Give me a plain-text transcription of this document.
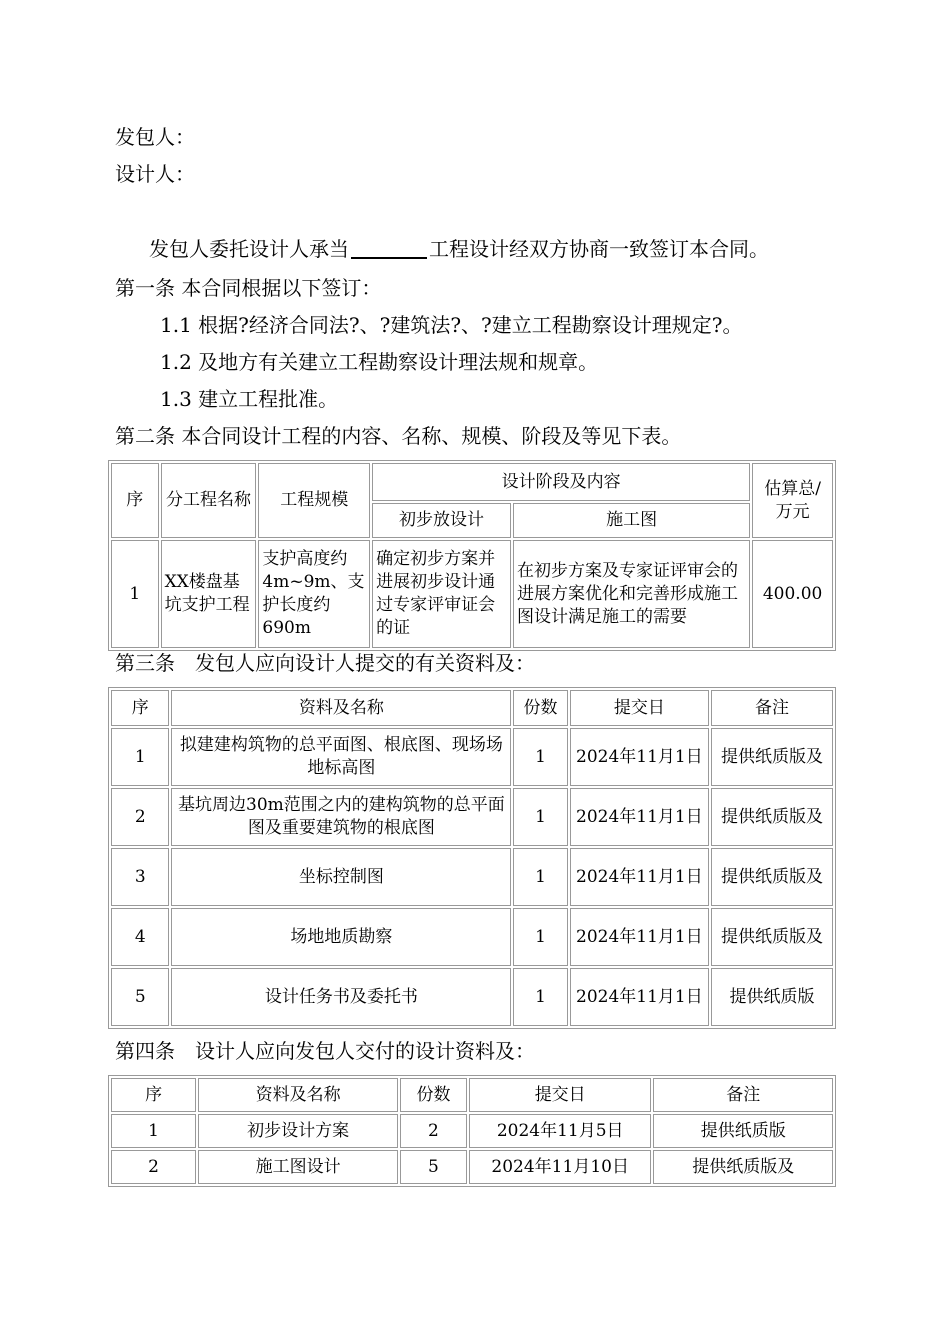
发包人：
设计人：
发包人委托设计人承当	工程设计经双方协商一致签订本合同。
第一条 本合同根据以下签订：
1.1 根据?经济合同法?、?建筑法?、?建立工程勘察设计理规定?。
1.2 及地方有关建立工程勘察设计理法规和规章。
1.3 建立工程批准。
第二条 本合同设计工程的内容、名称、规模、阶段及等见下表。
序	分工程名称	工程规模	设计阶段及内容		估算总/万元
			初步放设计	施工图	
1	XX楼盘基坑支护工程	支护高度约4m~9m、支护长度约690m	确定初步方案并进展初步设计通过专家评审证会的证	在初步方案及专家证评审会的进展方案优化和完善形成施工图设计满足施工的需要	400.00
第三条　发包人应向设计人提交的有关资料及：
序	资料及名称	份数	提交日	备注
1	拟建建构筑物的总平面图、根底图、现场场地标高图	1	2024年11月1日	提供纸质版及
2	基坑周边30m范围之内的建构筑物的总平面图及重要建筑物的根底图	1	2024年11月1日	提供纸质版及
3	坐标控制图	1	2024年11月1日	提供纸质版及
4	场地地质勘察	1	2024年11月1日	提供纸质版及
5	设计任务书及委托书	1	2024年11月1日	提供纸质版
第四条　设计人应向发包人交付的设计资料及：
序	资料及名称	份数	提交日	备注
1	初步设计方案	2	2024年11月5日	提供纸质版
2	施工图设计	5	2024年11月10日	提供纸质版及
